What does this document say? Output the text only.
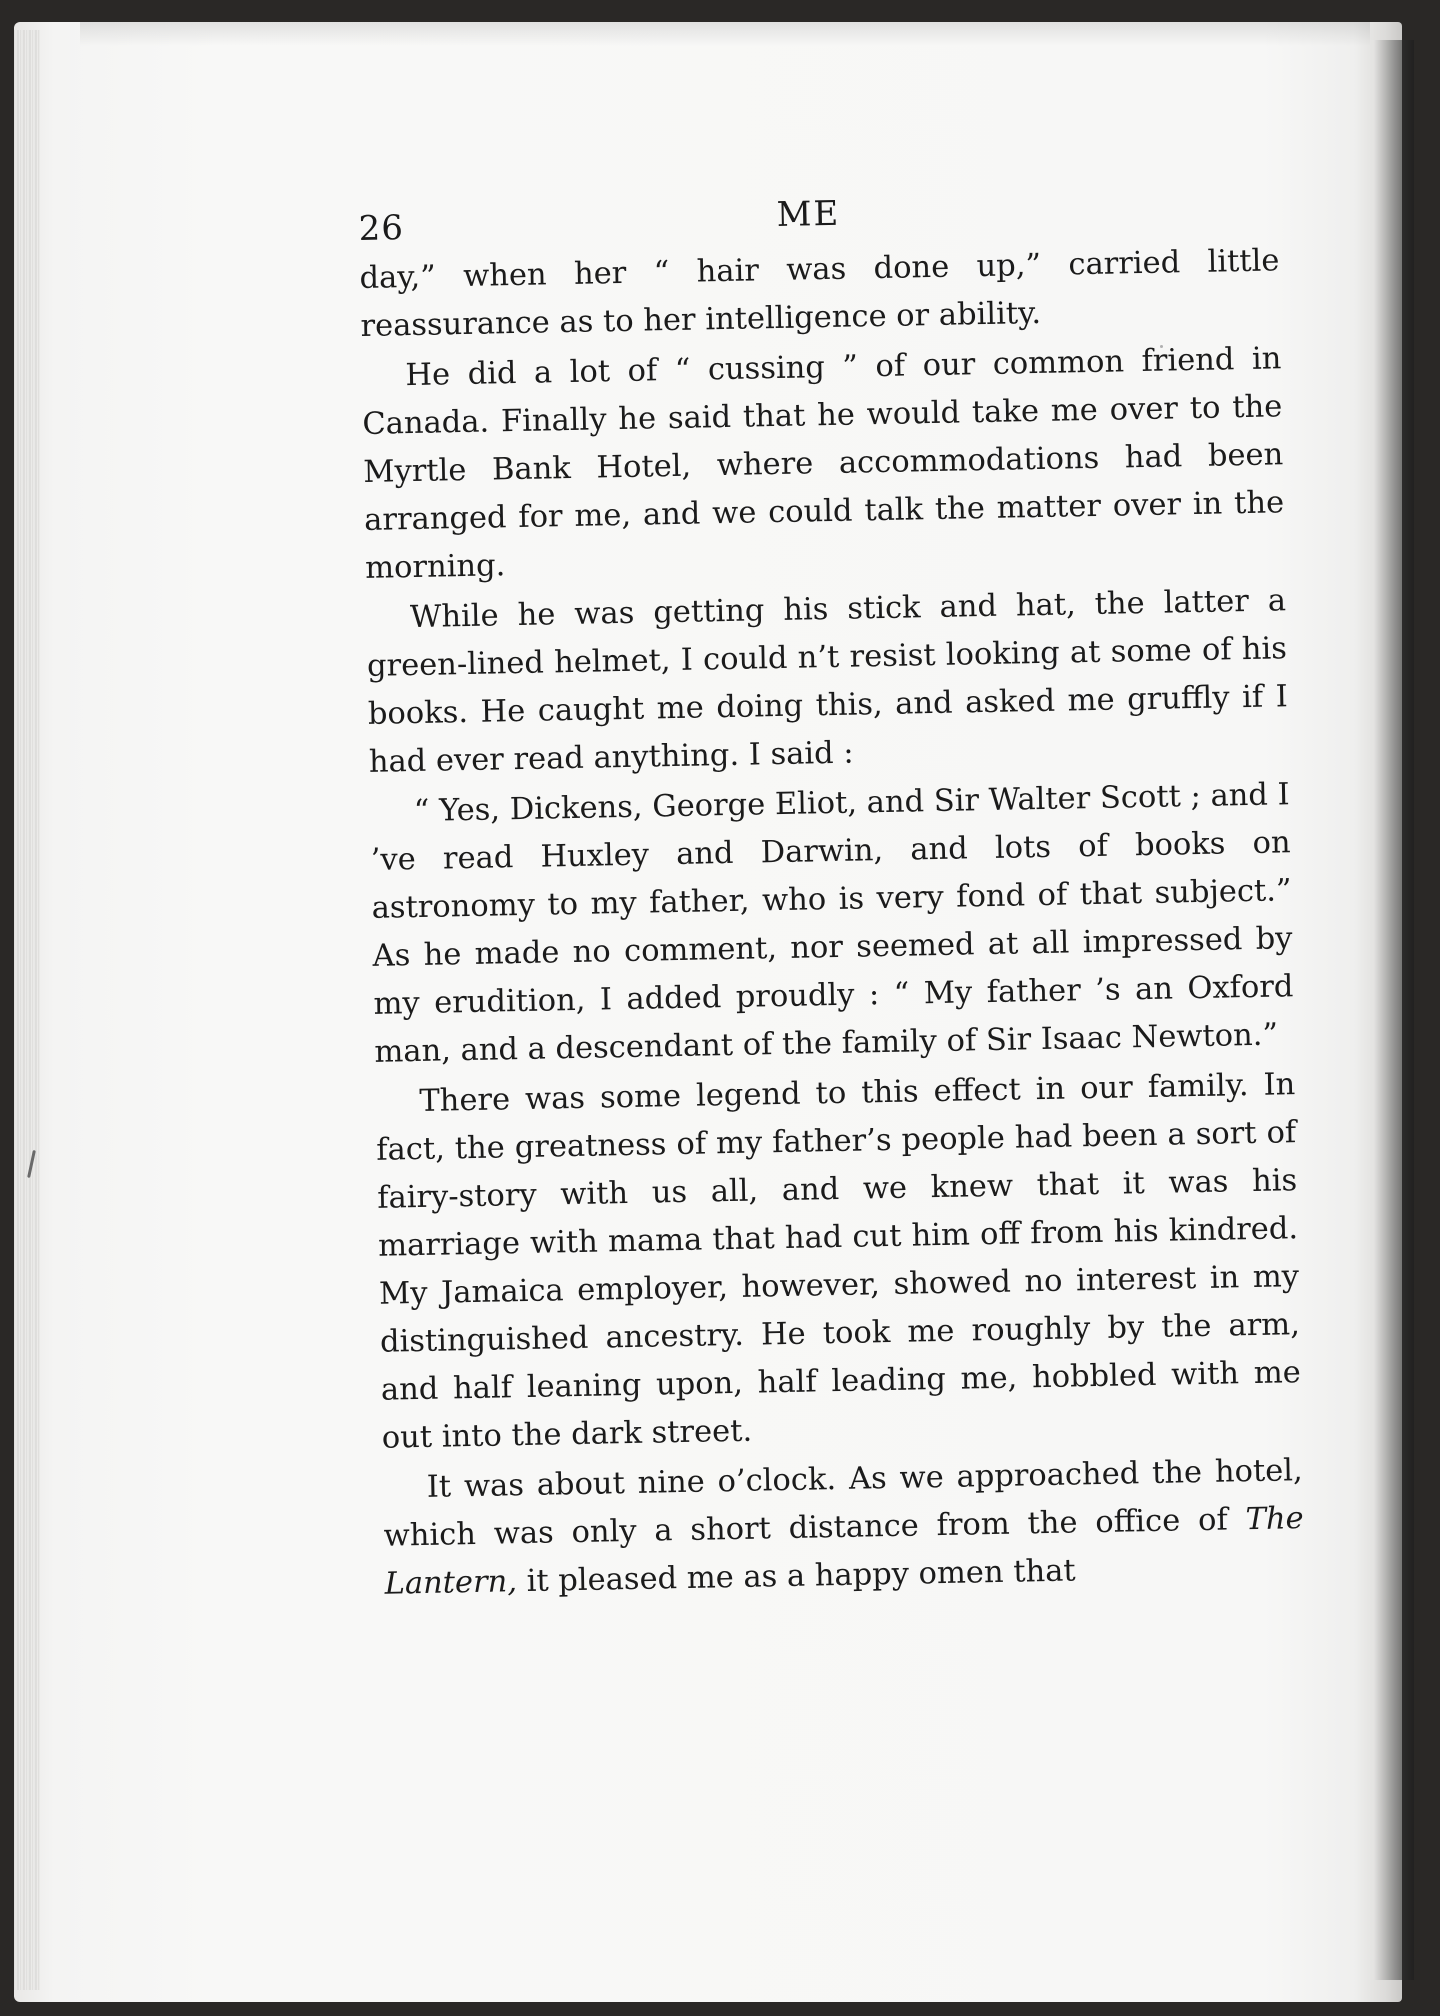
26	ME

day,” when her “ hair was done up,” carried little reassurance as to her intelligence or ability.

He did a lot of “ cussing ” of our common friend in Canada. Finally he said that he would take me over to the Myrtle Bank Hotel, where accommodations had been arranged for me, and we could talk the matter over in the morning.

While he was getting his stick and hat, the latter a green-lined helmet, I could n’t resist looking at some of his books. He caught me doing this, and asked me gruffly if I had ever read anything. I said :

“ Yes, Dickens, George Eliot, and Sir Walter Scott ; and I ’ve read Huxley and Darwin, and lots of books on astronomy to my father, who is very fond of that subject.” As he made no comment, nor seemed at all impressed by my erudition, I added proudly : “ My father ’s an Oxford man, and a descendant of the family of Sir Isaac Newton.”

There was some legend to this effect in our family. In fact, the greatness of my father’s people had been a sort of fairy-story with us all, and we knew that it was his marriage with mama that had cut him off from his kindred. My Jamaica employer, however, showed no interest in my distinguished ancestry. He took me roughly by the arm, and half leaning upon, half leading me, hobbled with me out into the dark street.

It was about nine o’clock. As we approached the hotel, which was only a short distance from the office of The Lantern, it pleased me as a happy omen that
